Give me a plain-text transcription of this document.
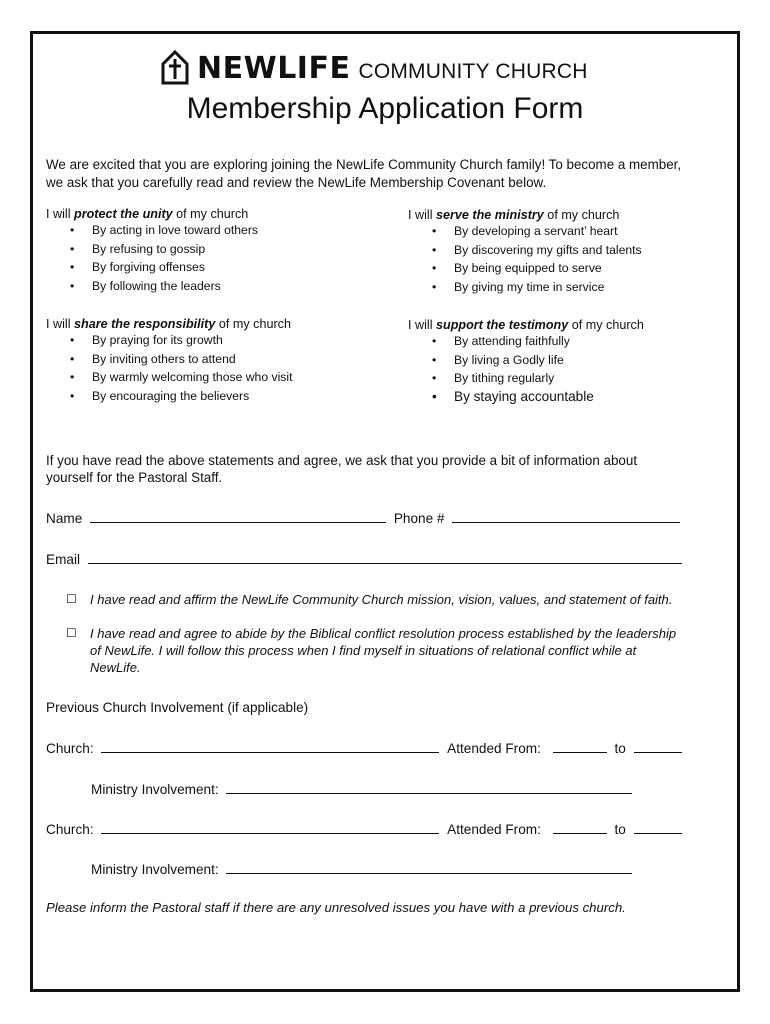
NEWLIFE COMMUNITY CHURCH
Membership Application Form
We are excited that you are exploring joining the NewLife Community Church family! To become a member, we ask that you carefully read and review the NewLife Membership Covenant below.
I will protect the unity of my church
• By acting in love toward others
• By refusing to gossip
• By forgiving offenses
• By following the leaders
I will serve the ministry of my church
• By developing a servant’ heart
• By discovering my gifts and talents
• By being equipped to serve
• By giving my time in service
I will share the responsibility of my church
• By praying for its growth
• By inviting others to attend
• By warmly welcoming those who visit
• By encouraging the believers
I will support the testimony of my church
• By attending faithfully
• By living a Godly life
• By tithing regularly
• By staying accountable
If you have read the above statements and agree, we ask that you provide a bit of information about yourself for the Pastoral Staff.
Name	Phone #
Email
☐ I have read and affirm the NewLife Community Church mission, vision, values, and statement of faith.
☐ I have read and agree to abide by the Biblical conflict resolution process established by the leadership of NewLife. I will follow this process when I find myself in situations of relational conflict while at NewLife.
Previous Church Involvement (if applicable)
Church:	Attended From:	to
Ministry Involvement:
Church:	Attended From:	to
Ministry Involvement:
Please inform the Pastoral staff if there are any unresolved issues you have with a previous church.
